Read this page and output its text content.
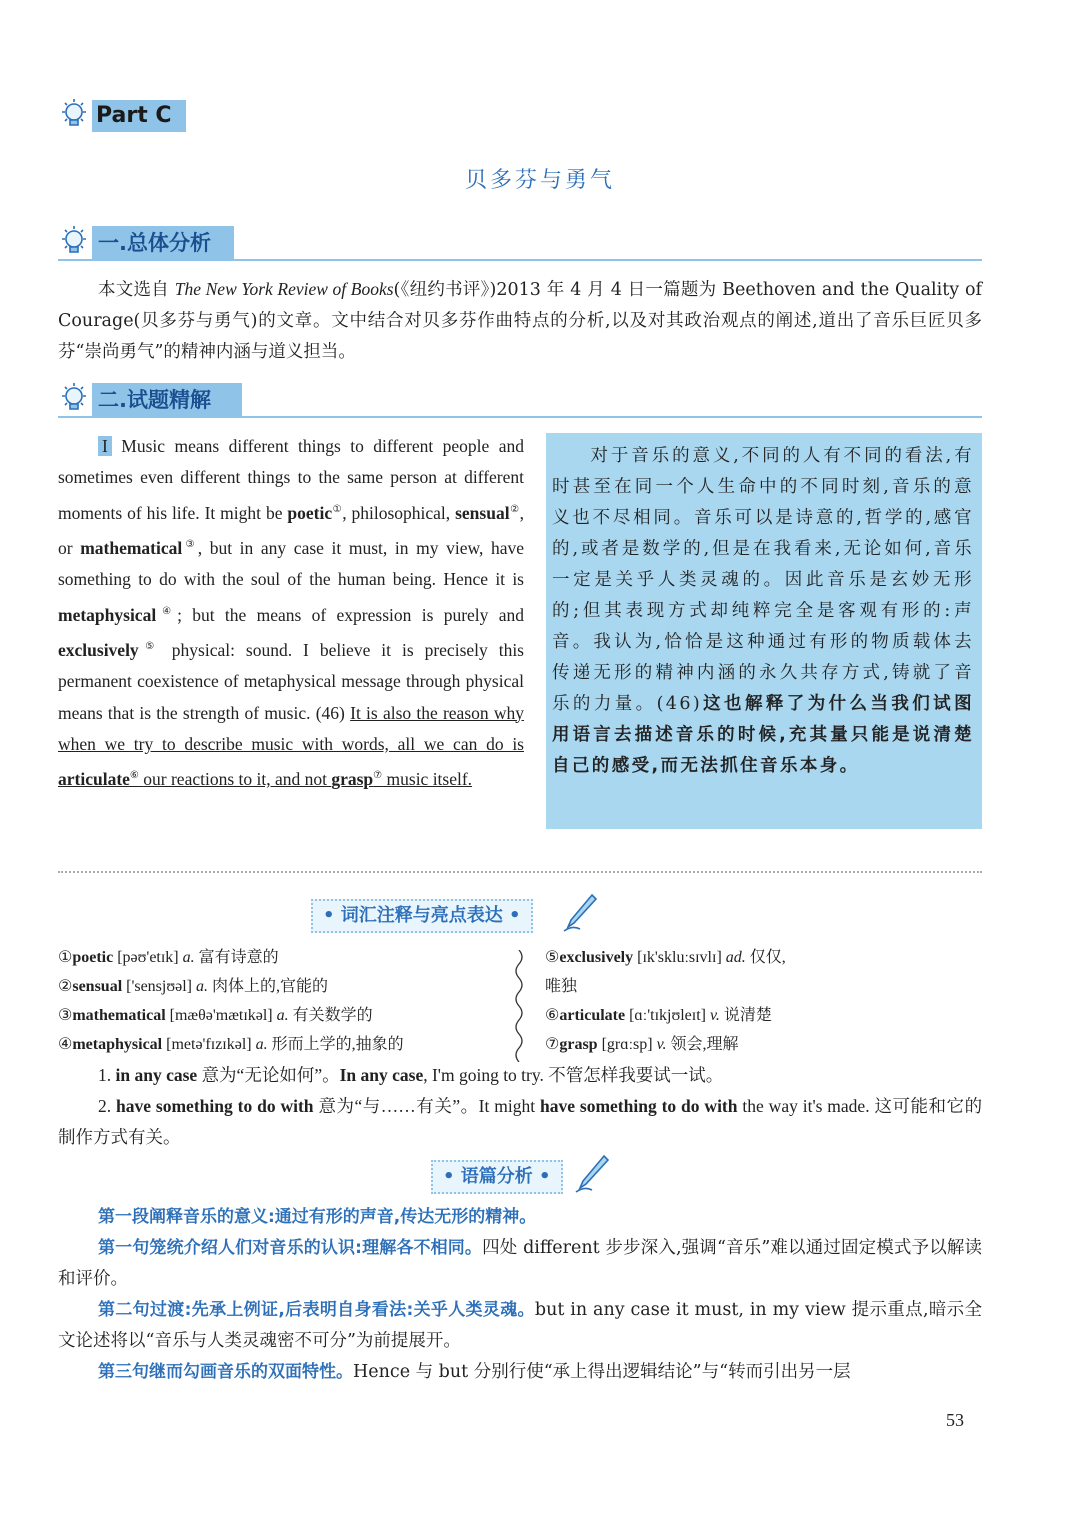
Part C
贝多芬与勇气
一.总体分析
本文选自 The New York Review of Books(《纽约书评》)2013 年 4 月 4 日一篇题为 Beethoven and the Quality of Courage(贝多芬与勇气)的文章。文中结合对贝多芬作曲特点的分析,以及对其政治观点的阐述,道出了音乐巨匠贝多芬“崇尚勇气”的精神内涵与道义担当。
二.试题精解
I Music means different things to different people and sometimes even different things to the same person at different moments of his life. It might be poetic①, philosophical, sensual②, or mathematical③, but in any case it must, in my view, have something to do with the soul of the human being. Hence it is metaphysical④; but the means of expression is purely and exclusively⑤ physical: sound. I believe it is precisely this permanent coexistence of metaphysical message through physical means that is the strength of music. (46) It is also the reason why when we try to describe music with words, all we can do is articulate⑥ our reactions to it, and not grasp⑦ music itself.
对于音乐的意义,不同的人有不同的看法,有时甚至在同一个人生命中的不同时刻,音乐的意义也不尽相同。音乐可以是诗意的,哲学的,感官的,或者是数学的,但是在我看来,无论如何,音乐一定是关乎人类灵魂的。因此音乐是玄妙无形的;但其表现方式却纯粹完全是客观有形的:声音。我认为,恰恰是这种通过有形的物质载体去传递无形的精神内涵的永久共存方式,铸就了音乐的力量。(46)这也解释了为什么当我们试图用语言去描述音乐的时候,充其量只能是说清楚自己的感受,而无法抓住音乐本身。
• 词汇注释与亮点表达 •
①poetic [pəʊ'etɪk] a. 富有诗意的
②sensual ['sensjʊəl] a. 肉体上的,官能的
③mathematical [mæθə'mætɪkəl] a. 有关数学的
④metaphysical [metə'fɪzɪkəl] a. 形而上学的,抽象的
⑤exclusively [ɪk'skluːsɪvlɪ] ad. 仅仅,
唯独
⑥articulate [ɑː'tɪkjʊleɪt] v. 说清楚
⑦grasp [grɑːsp] v. 领会,理解
1. in any case 意为“无论如何”。In any case, I'm going to try. 不管怎样我要试一试。
2. have something to do with 意为“与……有关”。It might have something to do with the way it's made. 这可能和它的制作方式有关。
• 语篇分析 •
第一段阐释音乐的意义:通过有形的声音,传达无形的精神。
第一句笼统介绍人们对音乐的认识:理解各不相同。四处 different 步步深入,强调“音乐”难以通过固定模式予以解读和评价。
第二句过渡:先承上例证,后表明自身看法:关乎人类灵魂。but in any case it must, in my view 提示重点,暗示全文论述将以“音乐与人类灵魂密不可分”为前提展开。
第三句继而勾画音乐的双面特性。Hence 与 but 分别行使“承上得出逻辑结论”与“转而引出另一层
53
